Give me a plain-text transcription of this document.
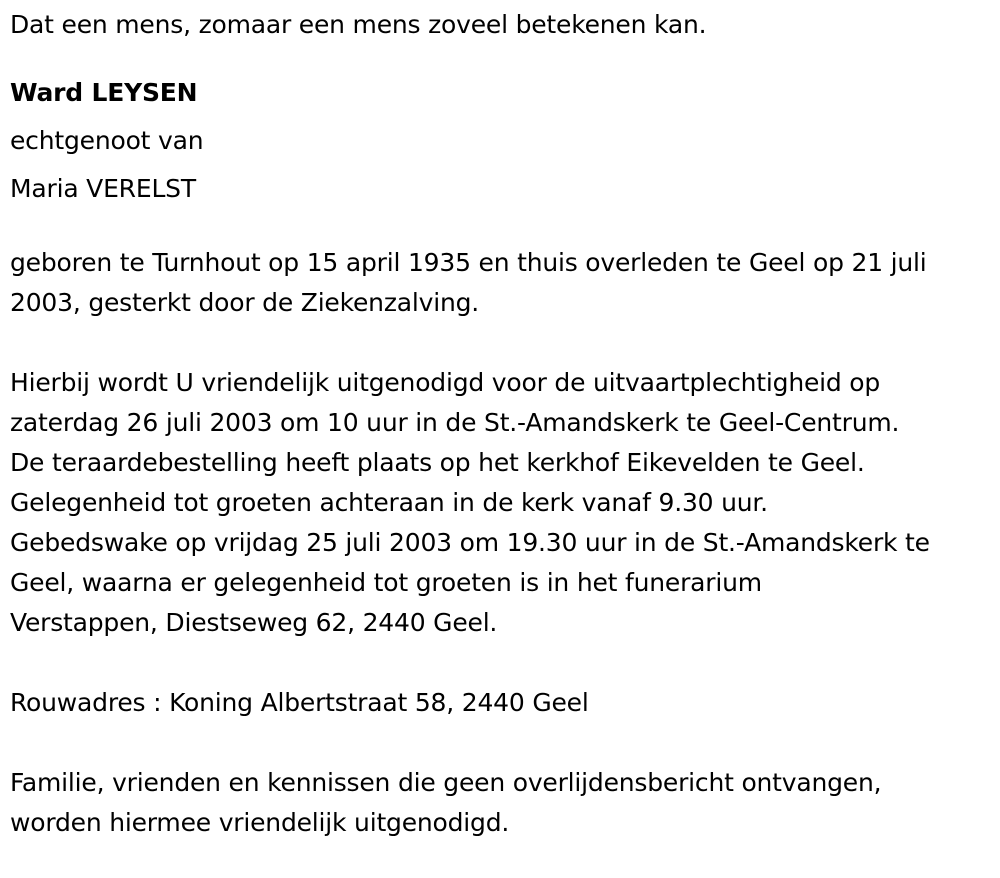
Dat een mens, zomaar een mens zoveel betekenen kan.
Ward LEYSEN
echtgenoot van
Maria VERELST
geboren te Turnhout op 15 april 1935 en thuis overleden te Geel op 21 juli
2003, gesterkt door de Ziekenzalving.
Hierbij wordt U vriendelijk uitgenodigd voor de uitvaartplechtigheid op
zaterdag 26 juli 2003 om 10 uur in de St.-Amandskerk te Geel-Centrum.
De teraardebestelling heeft plaats op het kerkhof Eikevelden te Geel.
Gelegenheid tot groeten achteraan in de kerk vanaf 9.30 uur.
Gebedswake op vrijdag 25 juli 2003 om 19.30 uur in de St.-Amandskerk te
Geel, waarna er gelegenheid tot groeten is in het funerarium
Verstappen, Diestseweg 62, 2440 Geel.
Rouwadres : Koning Albertstraat 58, 2440 Geel
Familie, vrienden en kennissen die geen overlijdensbericht ontvangen,
worden hiermee vriendelijk uitgenodigd.
